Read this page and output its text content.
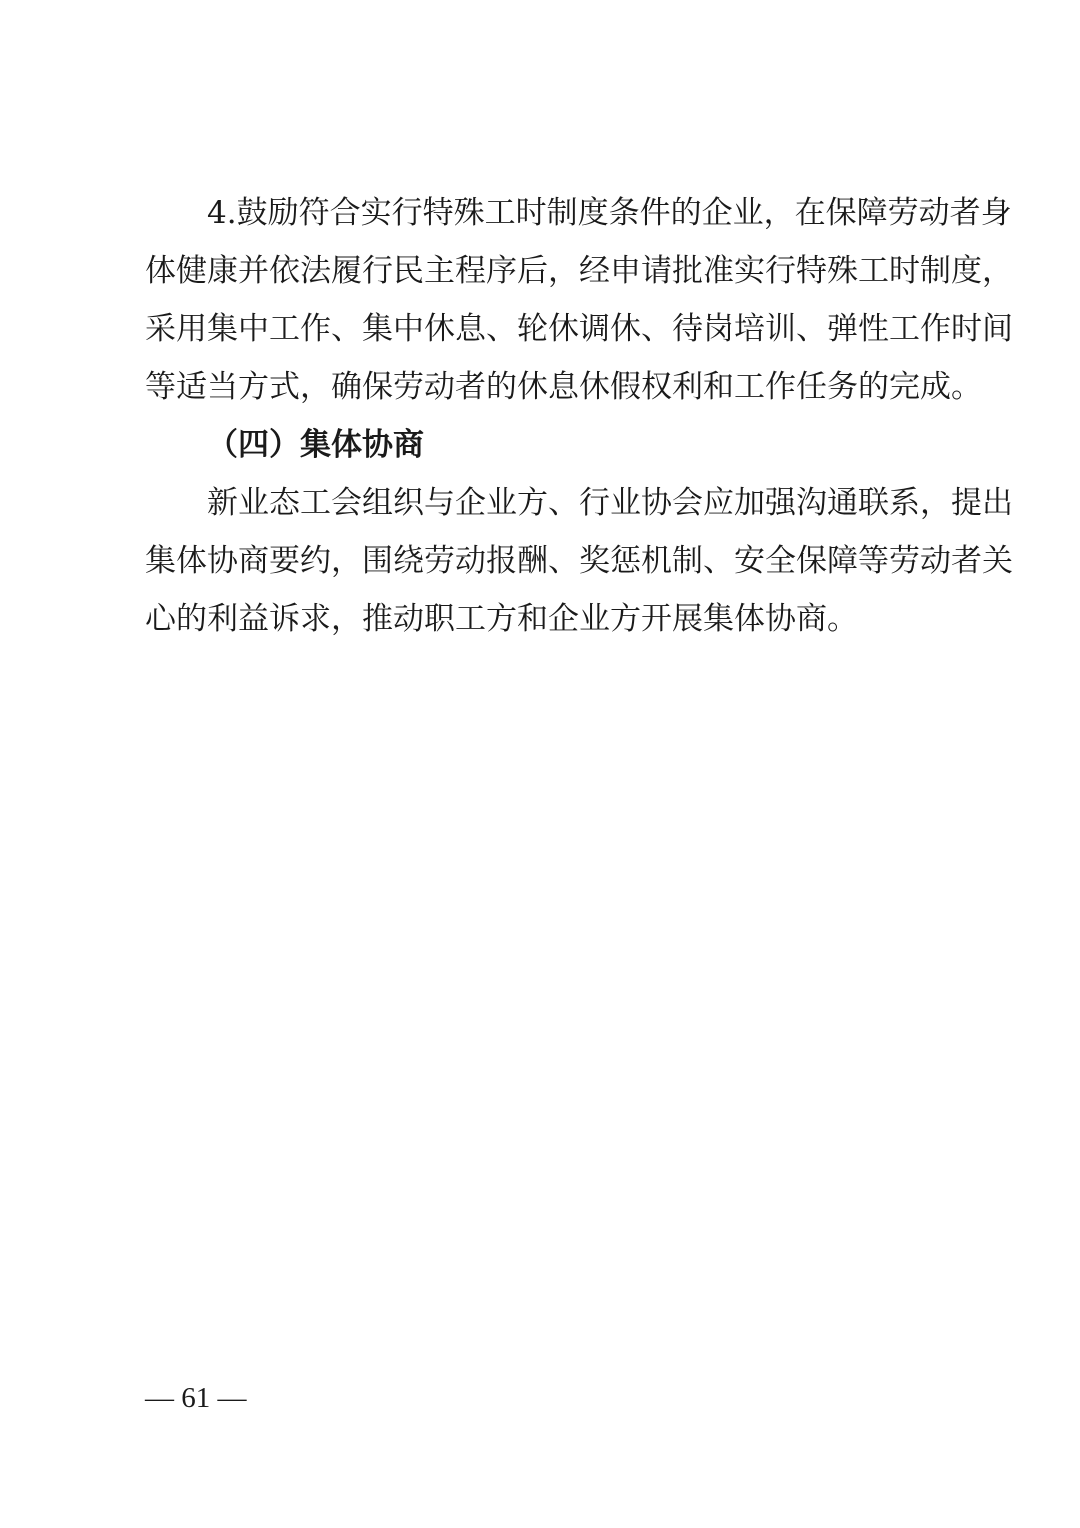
4.鼓励符合实行特殊工时制度条件的企业，在保障劳动者身
体健康并依法履行民主程序后，经申请批准实行特殊工时制度，
采用集中工作、集中休息、轮休调休、待岗培训、弹性工作时间
等适当方式，确保劳动者的休息休假权利和工作任务的完成。
（四）集体协商
新业态工会组织与企业方、行业协会应加强沟通联系，提出
集体协商要约，围绕劳动报酬、奖惩机制、安全保障等劳动者关
心的利益诉求，推动职工方和企业方开展集体协商。
— 61 —
